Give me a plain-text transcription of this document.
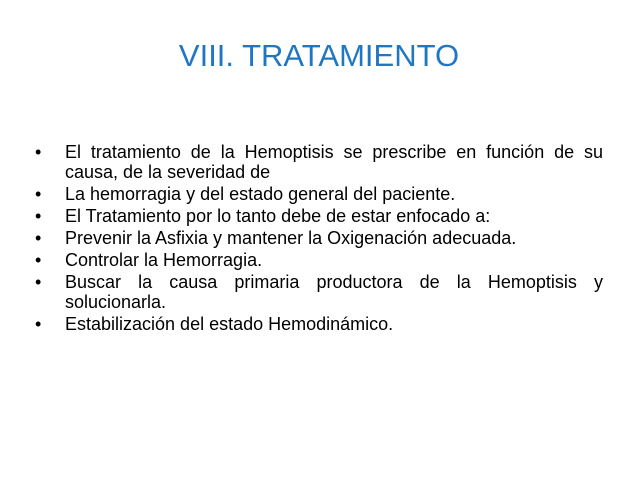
VIII. TRATAMIENTO
•	El tratamiento de la Hemoptisis se prescribe en función de su causa, de la severidad de
•	La hemorragia y del estado general del paciente.
•	El Tratamiento por lo tanto debe de estar enfocado a:
•	Prevenir la Asfixia y mantener la Oxigenación adecuada.
•	Controlar la Hemorragia.
•	Buscar la causa primaria productora de la Hemoptisis y solucionarla.
•	Estabilización del estado Hemodinámico.
